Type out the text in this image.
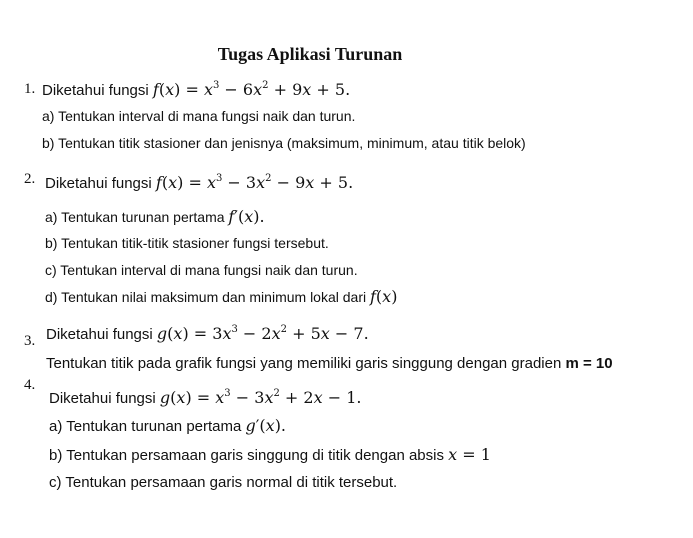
Tugas Aplikasi Turunan
1. Diketahui fungsi $f(x) = x^3 - 6x^2 + 9x + 5$.
a) Tentukan interval di mana fungsi naik dan turun.
b) Tentukan titik stasioner dan jenisnya (maksimum, minimum, atau titik belok)
2. Diketahui fungsi $f(x) = x^3 - 3x^2 - 9x + 5$.
a) Tentukan turunan pertama f′(x).
b) Tentukan titik-titik stasioner fungsi tersebut.
c) Tentukan interval di mana fungsi naik dan turun.
d) Tentukan nilai maksimum dan minimum lokal dari f(x)
3. Diketahui fungsi $g(x) = 3x^3 - 2x^2 + 5x - 7$.
Tentukan titik pada grafik fungsi yang memiliki garis singgung dengan gradien m = 10
4.
Diketahui fungsi $g(x) = x^3 - 3x^2 + 2x - 1$.
a) Tentukan turunan pertama g′(x).
b) Tentukan persamaan garis singgung di titik dengan absis x = 1
c) Tentukan persamaan garis normal di titik tersebut.
